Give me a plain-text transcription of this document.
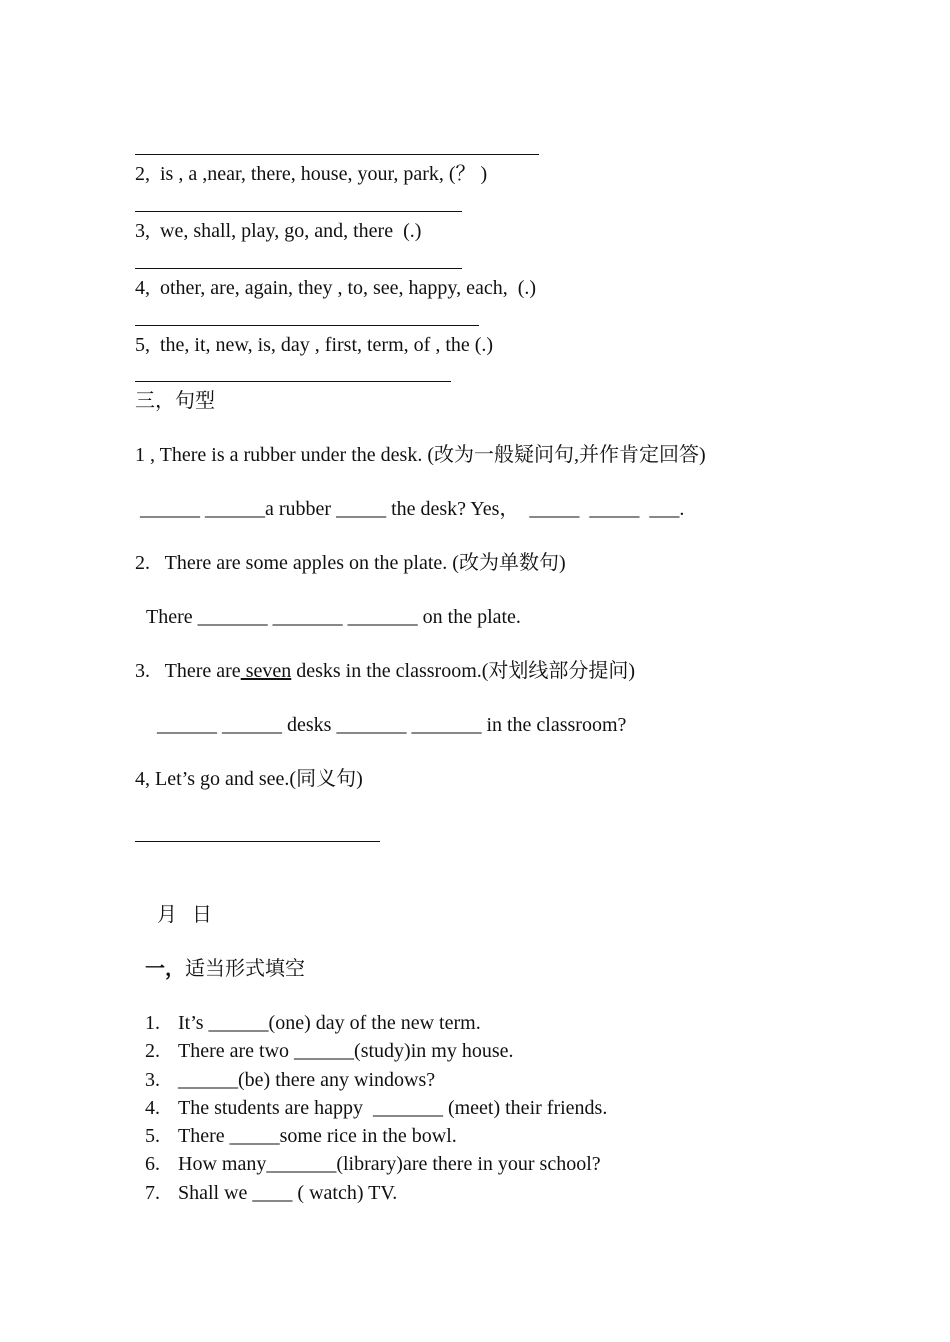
2,  is , a ,near, there, house, your, park, (？ )
3,  we, shall, play, go, and, there  (.)
4,  other, are, again, they , to, see, happy, each,  (.)
5,  the, it, new, is, day , first, term, of , the (.)
三，句型
1 , There is a rubber under the desk. (改为一般疑问句,并作肯定回答)
______ ______a rubber _____ the desk? Yes，  _____  _____  ___.
2.   There are some apples on the plate. (改为单数句)
There _______ _______ _______ on the plate.
3.   There are seven desks in the classroom.(对划线部分提问)
______ ______ desks _______ _______ in the classroom?
4, Let’s go and see.(同义句)
月   日
一，适当形式填空
1. It’s ______(one) day of the new term.
2. There are two ______(study)in my house.
3. ______(be) there any windows?
4. The students are happy  _______ (meet) their friends.
5. There _____some rice in the bowl.
6. How many_______(library)are there in your school?
7. Shall we ____ ( watch) TV.
